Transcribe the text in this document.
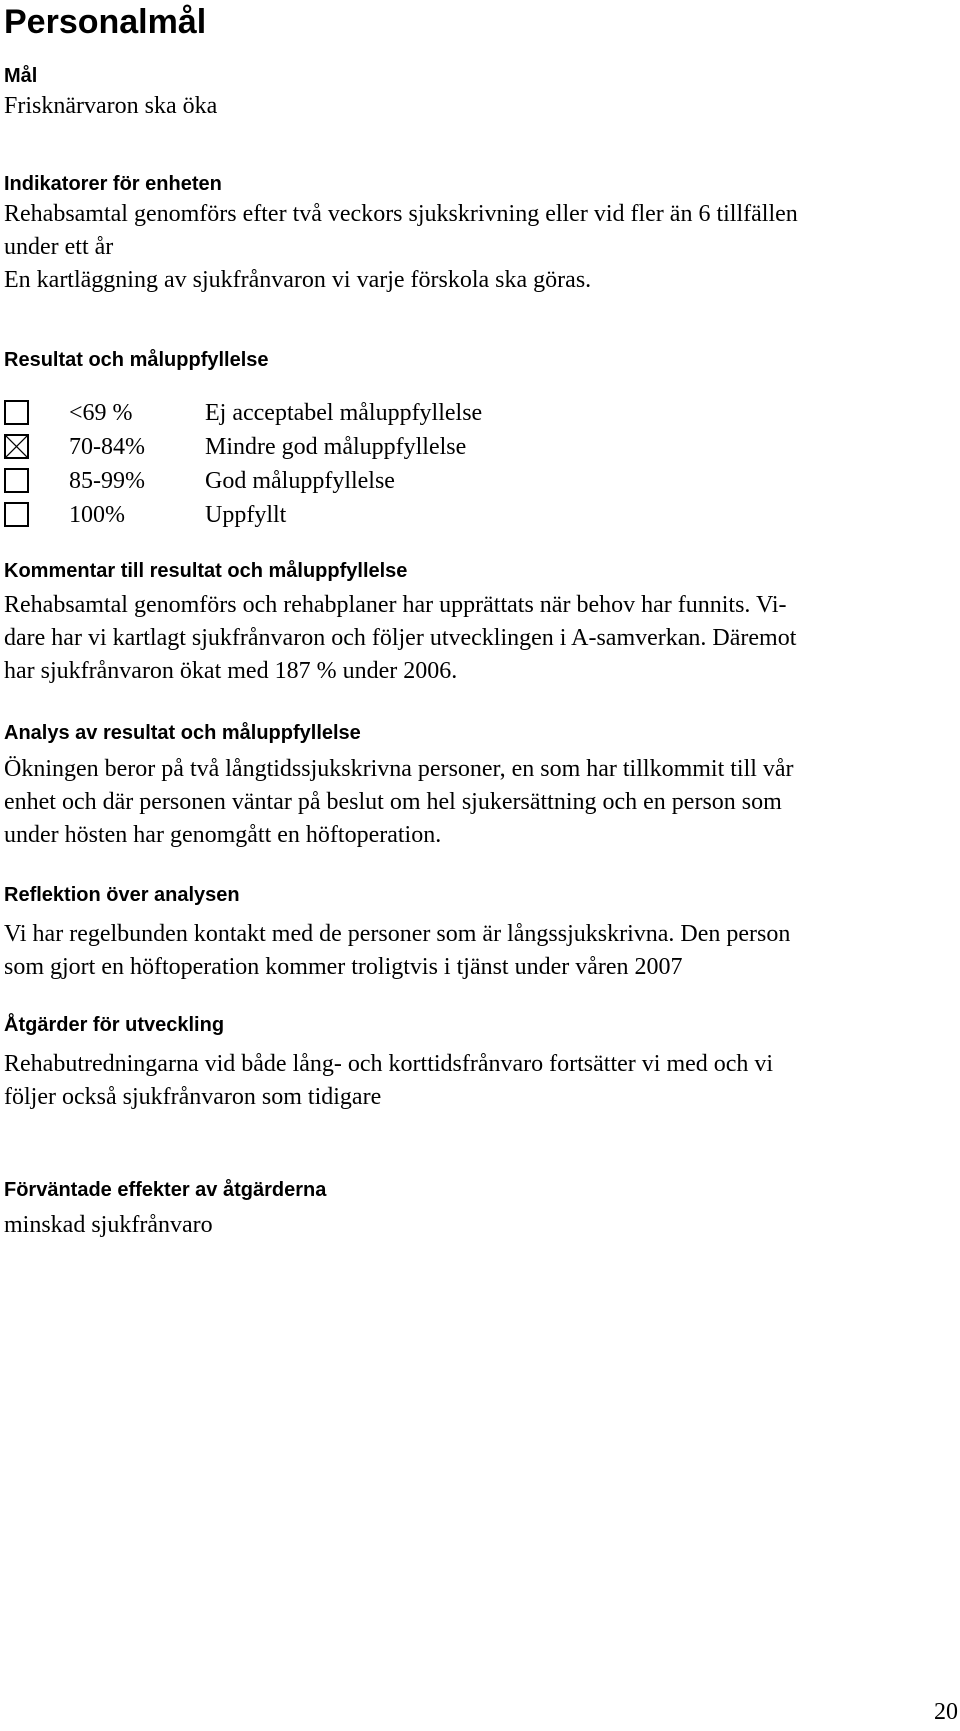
Personalmål
Mål
Frisknärvaron ska öka
Indikatorer för enheten
Rehabsamtal genomförs efter två veckors sjukskrivning eller vid fler än 6 tillfällen
under ett år
En kartläggning av sjukfrånvaron vi varje förskola ska göras.
Resultat och måluppfyllelse
<69 %	Ej acceptabel måluppfyllelse
70-84%	Mindre god måluppfyllelse
85-99%	God måluppfyllelse
100%	Uppfyllt
Kommentar till resultat och måluppfyllelse
Rehabsamtal genomförs och rehabplaner har upprättats när behov har funnits. Vi-
dare har vi kartlagt sjukfrånvaron och följer utvecklingen i A-samverkan. Däremot
har sjukfrånvaron ökat med 187 % under 2006.
Analys av resultat och måluppfyllelse
Ökningen beror på två långtidssjukskrivna personer, en som har tillkommit till vår
enhet och där personen väntar på beslut om hel sjukersättning och en person som
under hösten har genomgått en höftoperation.
Reflektion över analysen
Vi har regelbunden kontakt med de personer som är långssjukskrivna. Den person
som gjort en höftoperation kommer troligtvis i tjänst under våren 2007
Åtgärder för utveckling
Rehabutredningarna vid både lång- och korttidsfrånvaro fortsätter vi med och vi
följer också sjukfrånvaron som tidigare
Förväntade effekter av åtgärderna
minskad sjukfrånvaro
20
